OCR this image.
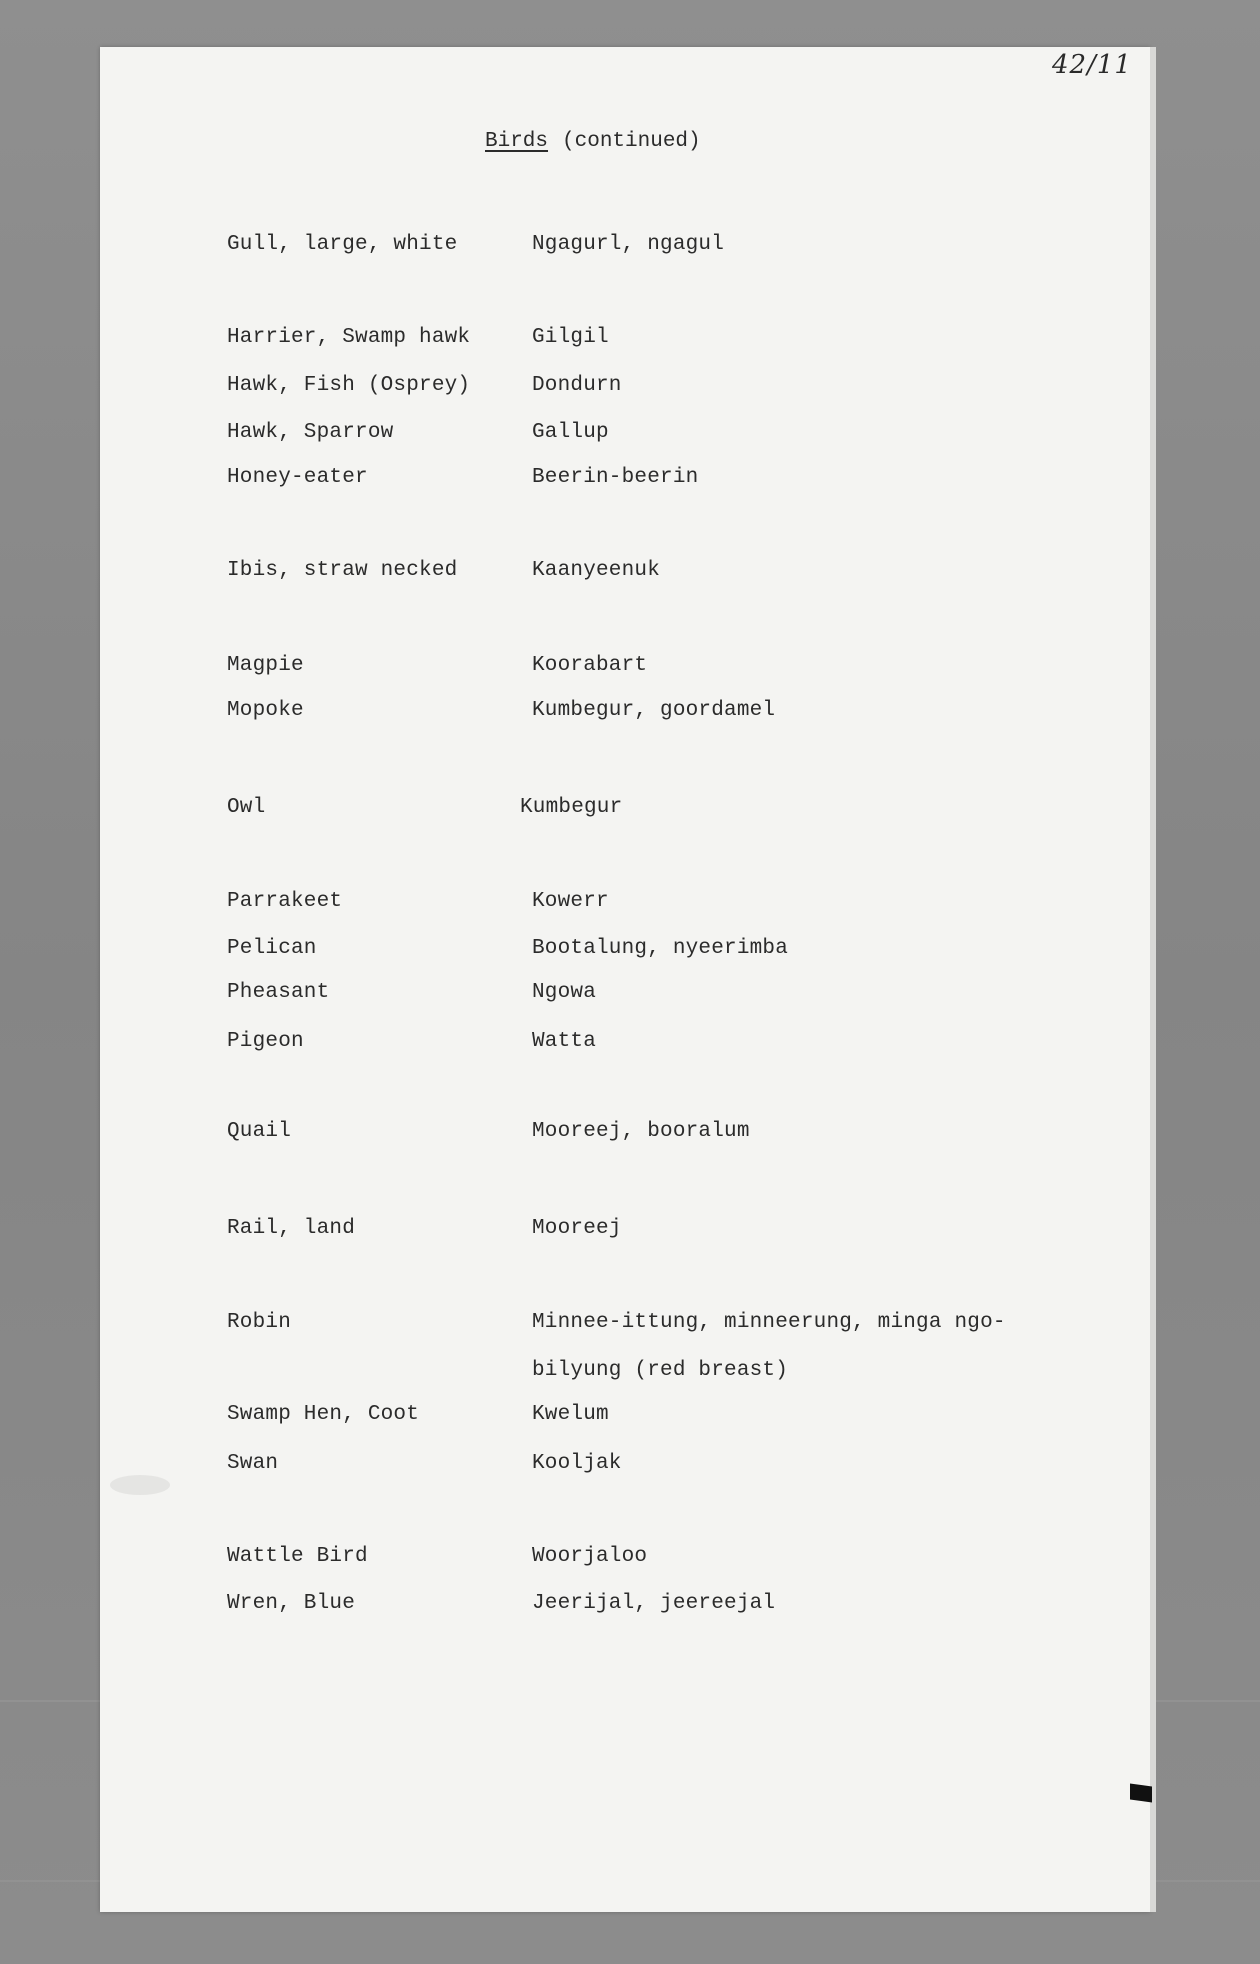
42/11
Birds (continued)
Gull, large, white	Ngagurl, ngagul
Harrier, Swamp hawk	Gilgil
Hawk, Fish (Osprey)	Dondurn
Hawk, Sparrow	Gallup
Honey-eater	Beerin-beerin
Ibis, straw necked	Kaanyeenuk
Magpie	Koorabart
Mopoke	Kumbegur, goordamel
Owl	Kumbegur
Parrakeet	Kowerr
Pelican	Bootalung, nyeerimba
Pheasant	Ngowa
Pigeon	Watta
Quail	Mooreej, booralum
Rail, land	Mooreej
Robin	Minnee-ittung, minneerung, minga ngo-
bilyung (red breast)
Swamp Hen, Coot	Kwelum
Swan	Kooljak
Wattle Bird	Woorjaloo
Wren, Blue	Jeerijal, jeereejal
